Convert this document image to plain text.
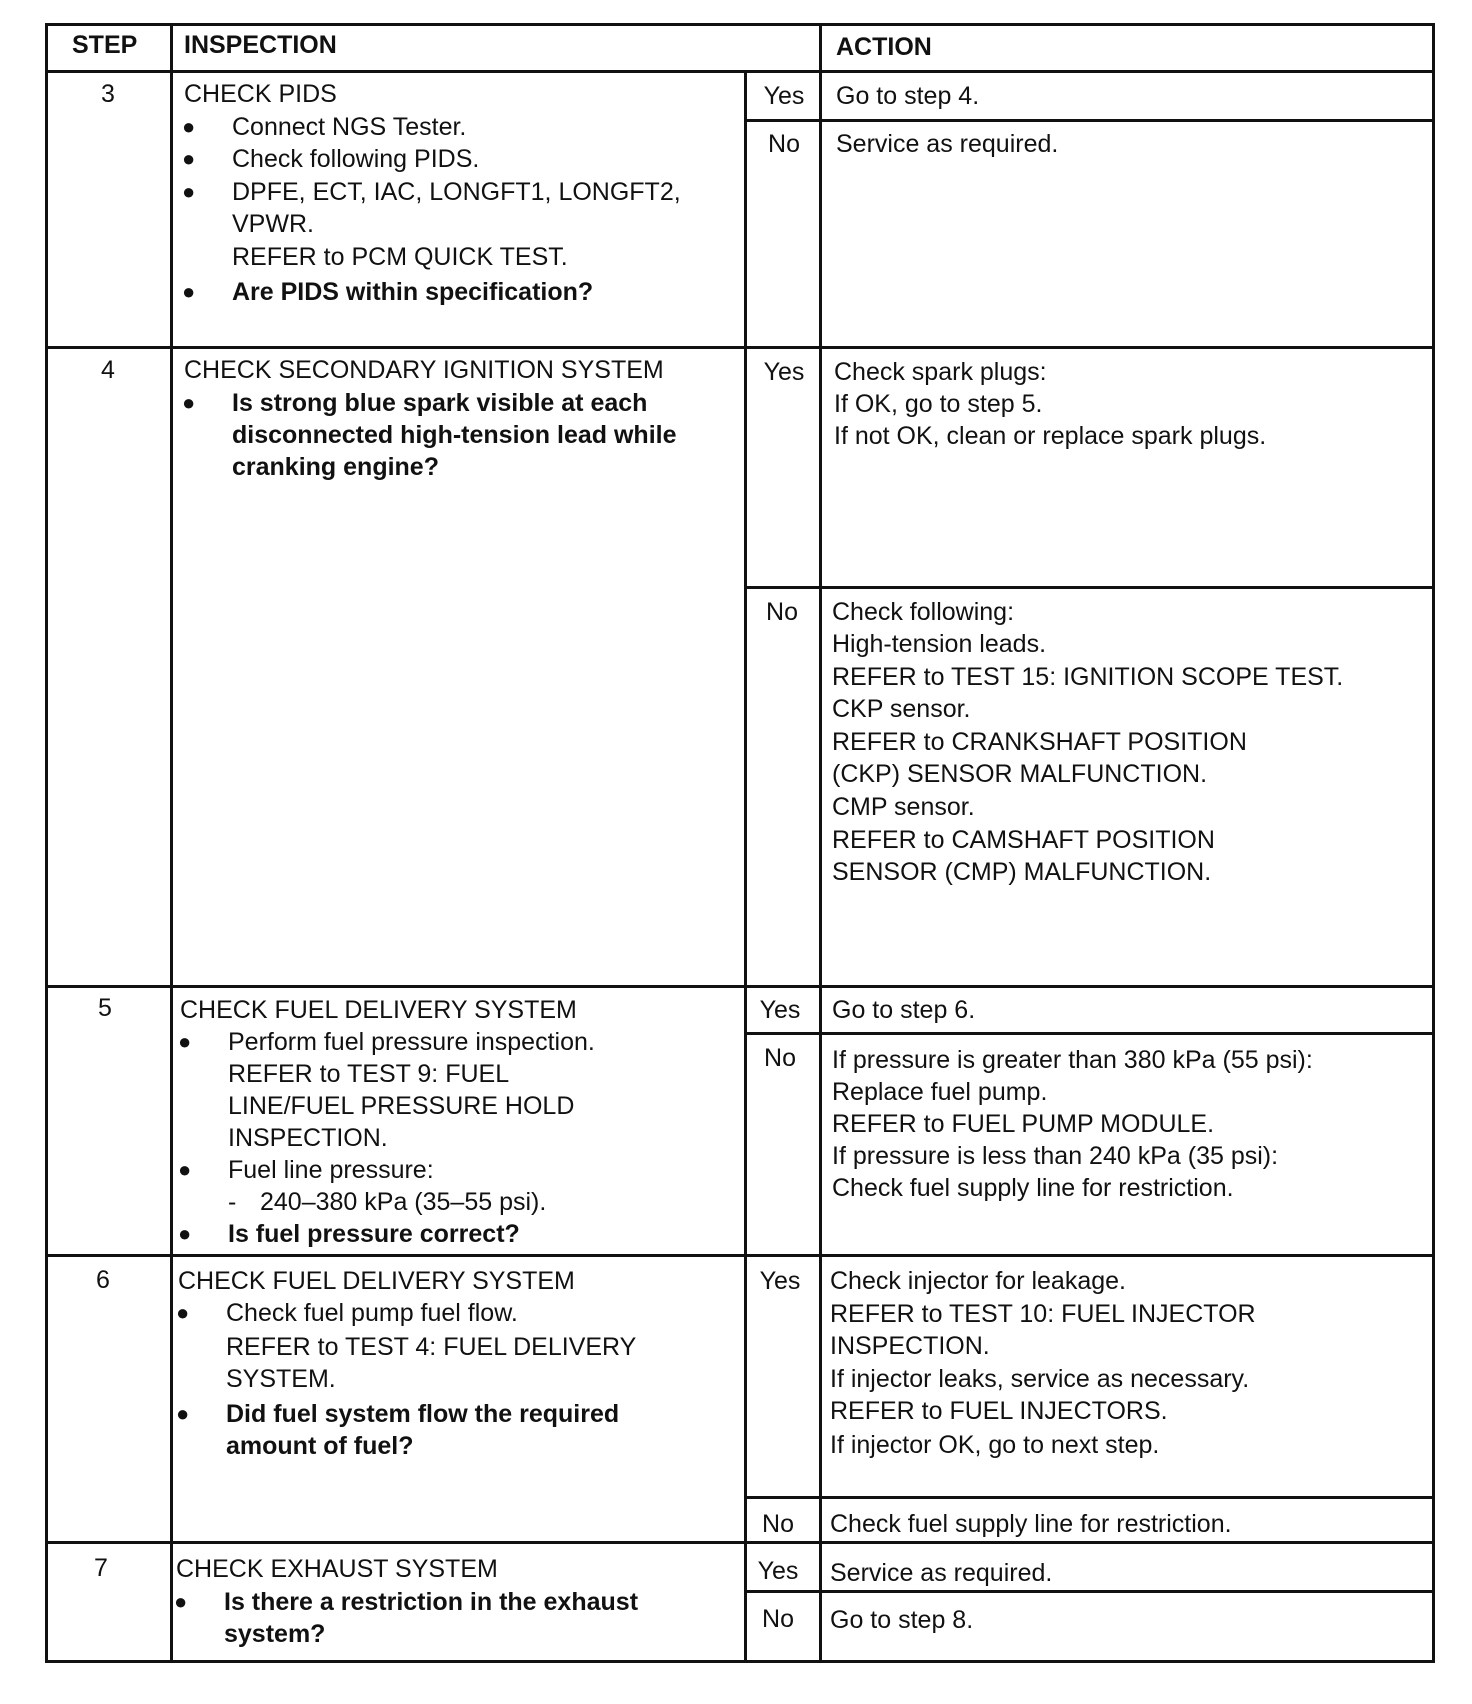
STEP INSPECTION	ACTION
3	CHECK PIDS
● Connect NGS Tester.
● Check following PIDS.
● DPFE, ECT, IAC, LONGFT1, LONGFT2,
VPWR.
REFER to PCM QUICK TEST.
● Are PIDS within specification?
Yes	Go to step 4.
No	Service as required.
4	CHECK SECONDARY IGNITION SYSTEM
● Is strong blue spark visible at each
disconnected high-tension lead while
cranking engine?
Yes	Check spark plugs:
If OK, go to step 5.
If not OK, clean or replace spark plugs.
No	Check following:
High-tension leads.
REFER to TEST 15: IGNITION SCOPE TEST.
CKP sensor.
REFER to CRANKSHAFT POSITION
(CKP) SENSOR MALFUNCTION.
CMP sensor.
REFER to CAMSHAFT POSITION
SENSOR (CMP) MALFUNCTION.
5	CHECK FUEL DELIVERY SYSTEM
● Perform fuel pressure inspection.
REFER to TEST 9: FUEL
LINE/FUEL PRESSURE HOLD
INSPECTION.
● Fuel line pressure:
- 240–380 kPa (35–55 psi).
● Is fuel pressure correct?
Yes	Go to step 6.
No	If pressure is greater than 380 kPa (55 psi):
Replace fuel pump.
REFER to FUEL PUMP MODULE.
If pressure is less than 240 kPa (35 psi):
Check fuel supply line for restriction.
6	CHECK FUEL DELIVERY SYSTEM
● Check fuel pump fuel flow.
REFER to TEST 4: FUEL DELIVERY
SYSTEM.
● Did fuel system flow the required
amount of fuel?
Yes	Check injector for leakage.
REFER to TEST 10: FUEL INJECTOR
INSPECTION.
If injector leaks, service as necessary.
REFER to FUEL INJECTORS.
If injector OK, go to next step.
No	Check fuel supply line for restriction.
7	CHECK EXHAUST SYSTEM
● Is there a restriction in the exhaust
system?
Yes	Service as required.
No	Go to step 8.
